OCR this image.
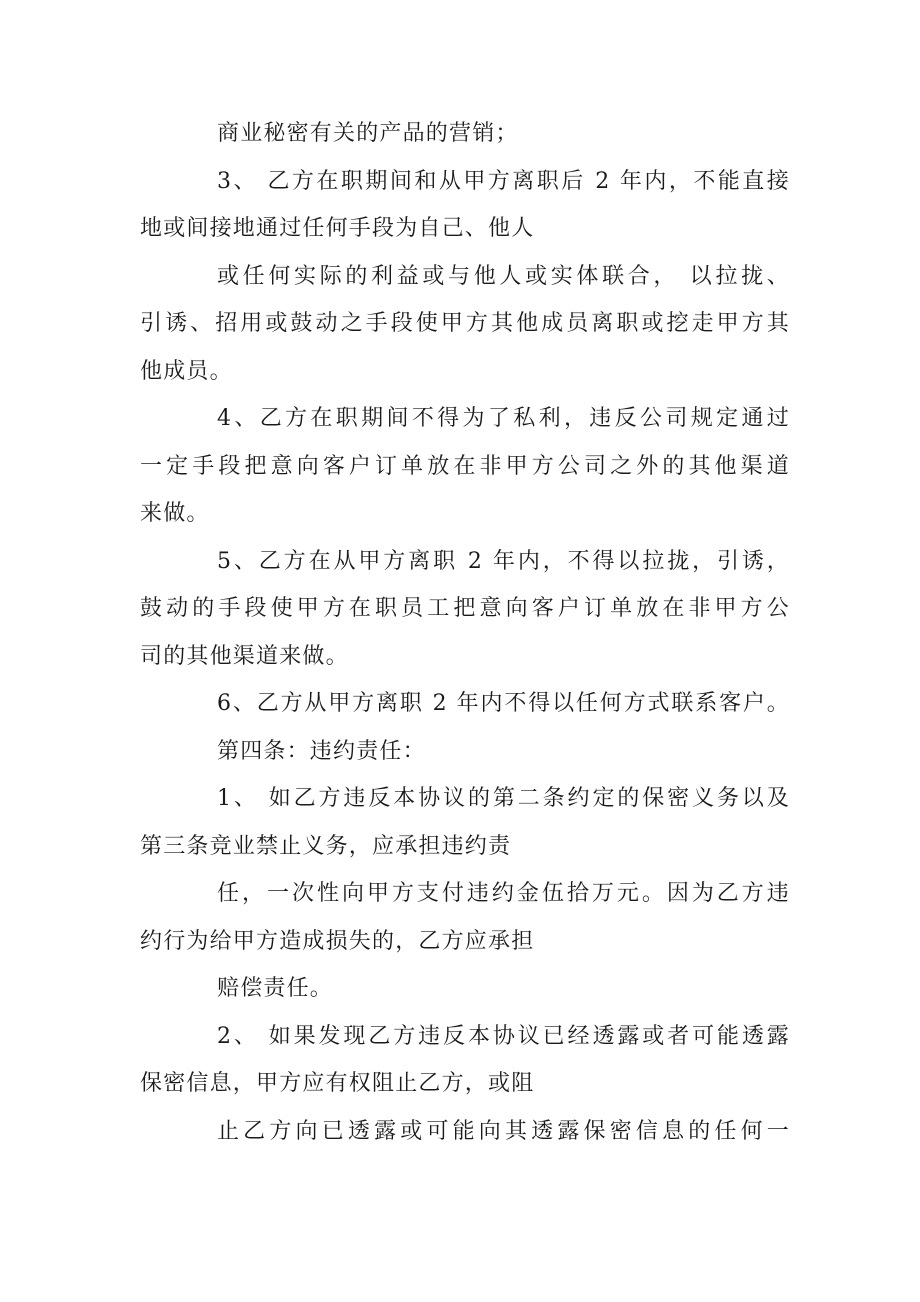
商业秘密有关的产品的营销；
3、 乙方在职期间和从甲方离职后 2 年内，不能直接
地或间接地通过任何手段为自己、他人
或任何实际的利益或与他人或实体联合， 以拉拢、
引诱、招用或鼓动之手段使甲方其他成员离职或挖走甲方其
他成员。
4、乙方在职期间不得为了私利，违反公司规定通过
一定手段把意向客户订单放在非甲方公司之外的其他渠道
来做。
5、乙方在从甲方离职 2 年内，不得以拉拢，引诱，
鼓动的手段使甲方在职员工把意向客户订单放在非甲方公
司的其他渠道来做。
6、乙方从甲方离职 2 年内不得以任何方式联系客户。
第四条：违约责任：
1、 如乙方违反本协议的第二条约定的保密义务以及
第三条竞业禁止义务，应承担违约责
任，一次性向甲方支付违约金伍拾万元。因为乙方违
约行为给甲方造成损失的，乙方应承担
赔偿责任。
2、 如果发现乙方违反本协议已经透露或者可能透露
保密信息，甲方应有权阻止乙方，或阻
止乙方向已透露或可能向其透露保密信息的任何一
